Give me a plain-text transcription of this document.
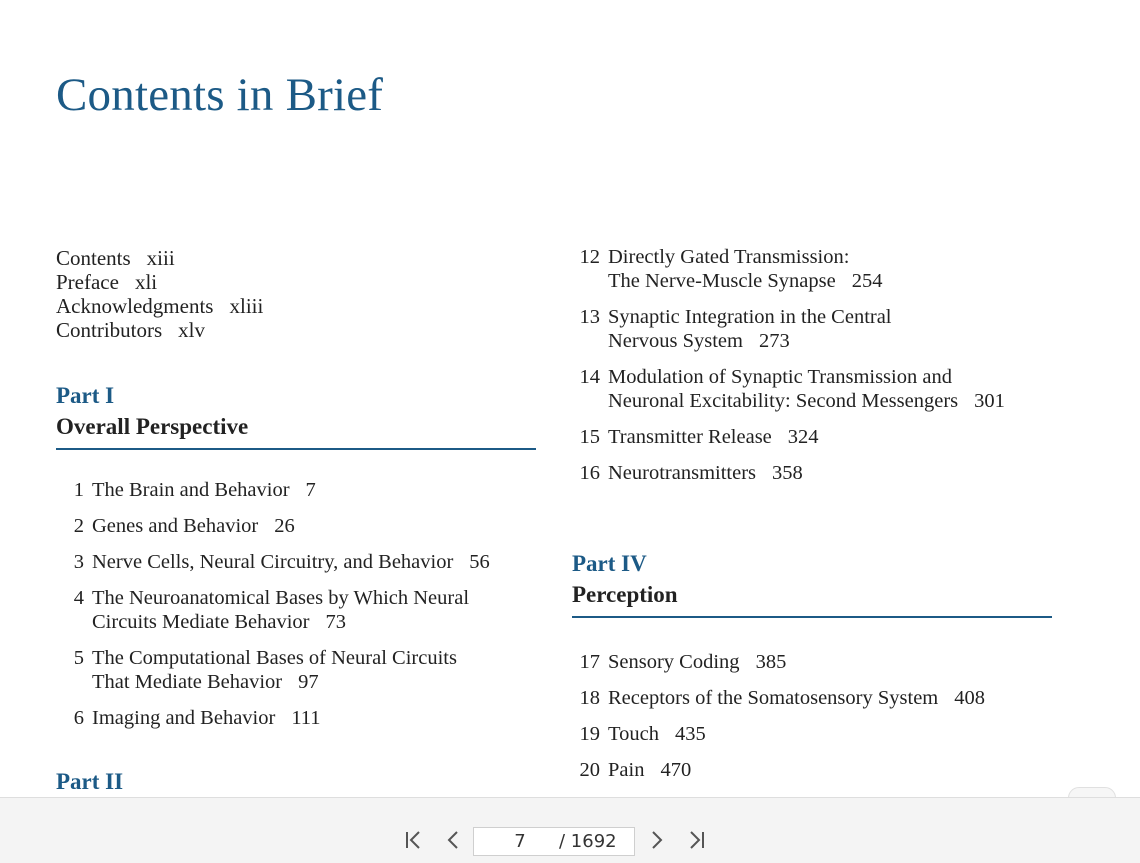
Contents in Brief
Contents xiii
Preface xli
Acknowledgments xliii
Contributors xlv
Part I
Overall Perspective
1 The Brain and Behavior 7
2 Genes and Behavior 26
3 Nerve Cells, Neural Circuitry, and Behavior 56
4 The Neuroanatomical Bases by Which Neural
Circuits Mediate Behavior 73
5 The Computational Bases of Neural Circuits
That Mediate Behavior 97
6 Imaging and Behavior 111
Part II
12 Directly Gated Transmission:
The Nerve-Muscle Synapse 254
13 Synaptic Integration in the Central
Nervous System 273
14 Modulation of Synaptic Transmission and
Neuronal Excitability: Second Messengers 301
15 Transmitter Release 324
16 Neurotransmitters 358
Part IV
Perception
17 Sensory Coding 385
18 Receptors of the Somatosensory System 408
19 Touch 435
20 Pain 470
7
/ 1692
